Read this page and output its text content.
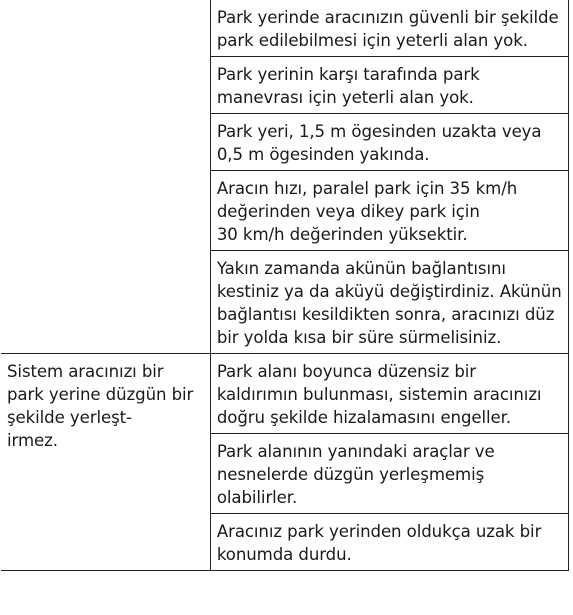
	Park yerinde aracınızın güvenli bir şekilde park edilebilmesi için yeterli alan yok.

	Park yerinin karşı tarafında park manevrası için yeterli alan yok.

	Park yeri, 1,5 m ögesinden uzakta veya 0,5 m ögesinden yakında.

	Aracın hızı, paralel park için 35 km/h değerinden veya dikey park için
30 km/h değerinden yüksektir.

	Yakın zamanda akünün bağlantısını kestiniz ya da aküyü değiştirdiniz. Akünün bağlantısı kesildikten sonra, aracınızı düz bir yolda kısa bir süre sürmelisiniz.

Sistem aracınızı bir park yerine düzgün bir şekilde yerleşt-
irmez.	Park alanı boyunca düzensiz bir kaldırımın bulunması, sistemin aracınızı doğru şekilde hizalamasını engeller.

	Park alanının yanındaki araçlar ve nesnelerde düzgün yerleşmemiş olabilirler.

	Aracınız park yerinden oldukça uzak bir konumda durdu.
